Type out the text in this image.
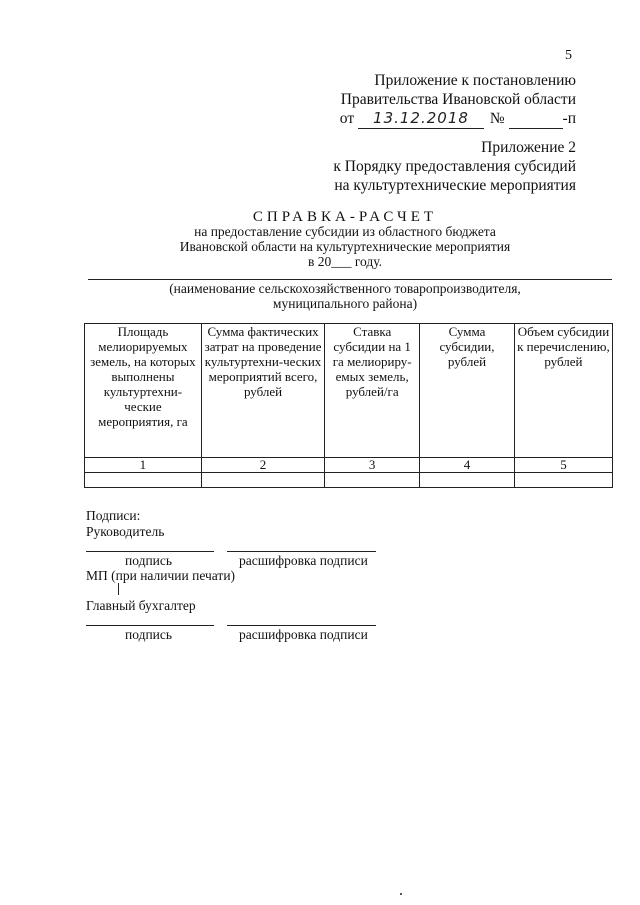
5
Приложение к постановлению
Правительства Ивановской области
от 13.12.2018 №	-п
Приложение 2
к Порядку предоставления субсидий
на культуртехнические мероприятия
СПРАВКА-РАСЧЕТ
на предоставление субсидии из областного бюджета
Ивановской области на культуртехнические мероприятия
в 20___ году.
(наименование сельскохозяйственного товаропроизводителя,
муниципального района)
Площадь мелиорируемых земель, на которых выполнены культуртехни-ческие мероприятия, га	Сумма фактических затрат на проведение культуртехни-ческих мероприятий всего, рублей	Ставка субсидии на 1 га мелиориру-емых земель, рублей/га	Сумма субсидии, рублей	Объем субсидии к перечислению, рублей
1	2	3	4	5

Подписи:
Руководитель
подпись	расшифровка подписи
МП (при наличии печати)
Главный бухгалтер
подпись	расшифровка подписи
